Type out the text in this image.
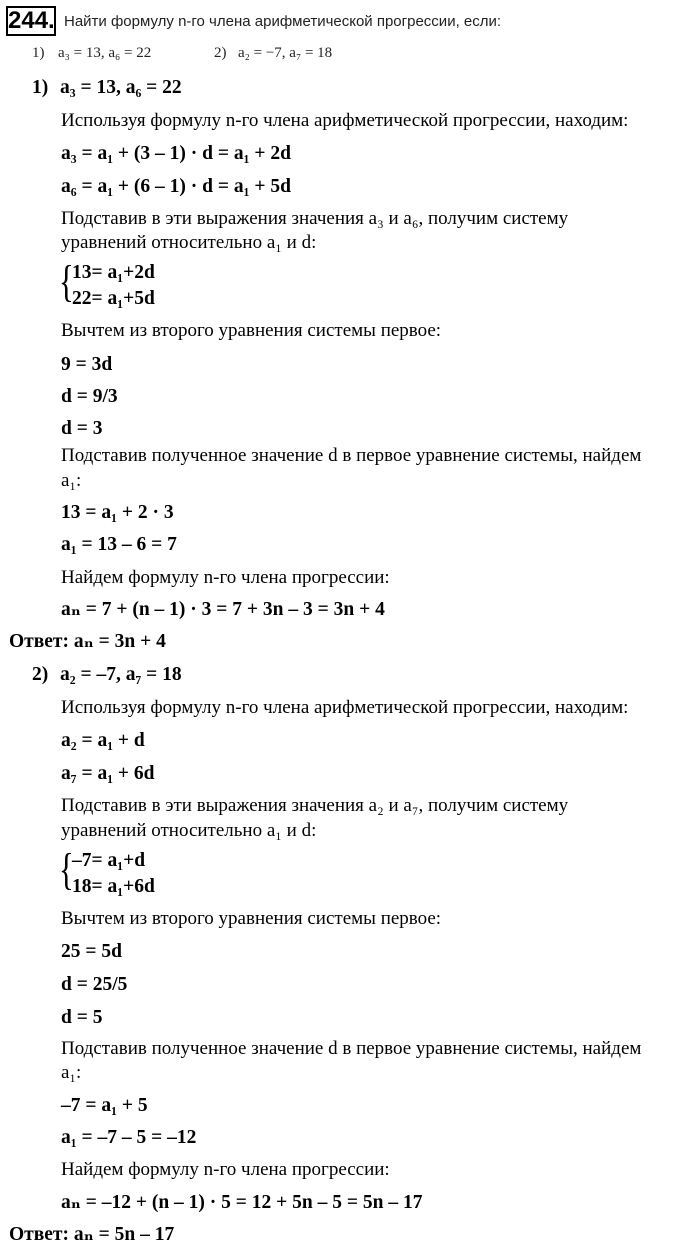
244. Найти формулу n-го члена арифметической прогрессии, если:
1) a₃ = 13, a₆ = 22	2) a₂ = −7, a₇ = 18
1) a₃ = 13, a₆ = 22
Используя формулу n-го члена арифметической прогрессии, находим:
a₃ = a₁ + (3 – 1) · d = a₁ + 2d
a₆ = a₁ + (6 – 1) · d = a₁ + 5d
Подставив в эти выражения значения a₃ и a₆, получим систему
уравнений относительно a₁ и d:
{
13= a₁+2d
22= a₁+5d
Вычтем из второго уравнения системы первое:
9 = 3d
d = 9/3
d = 3
Подставив полученное значение d в первое уравнение системы, найдем
a₁:
13 = a₁ + 2 · 3
a₁ = 13 – 6 = 7
Найдем формулу n-го члена прогрессии:
aₙ = 7 + (n – 1) · 3 = 7 + 3n – 3 = 3n + 4
Ответ: aₙ = 3n + 4
2) a₂ = –7, a₇ = 18
Используя формулу n-го члена арифметической прогрессии, находим:
a₂ = a₁ + d
a₇ = a₁ + 6d
Подставив в эти выражения значения a₂ и a₇, получим систему
уравнений относительно a₁ и d:
{
–7= a₁+d
18= a₁+6d
Вычтем из второго уравнения системы первое:
25 = 5d
d = 25/5
d = 5
Подставив полученное значение d в первое уравнение системы, найдем
a₁:
–7 = a₁ + 5
a₁ = –7 – 5 = –12
Найдем формулу n-го члена прогрессии:
aₙ = –12 + (n – 1) · 5 = 12 + 5n – 5 = 5n – 17
Ответ: aₙ = 5n – 17
